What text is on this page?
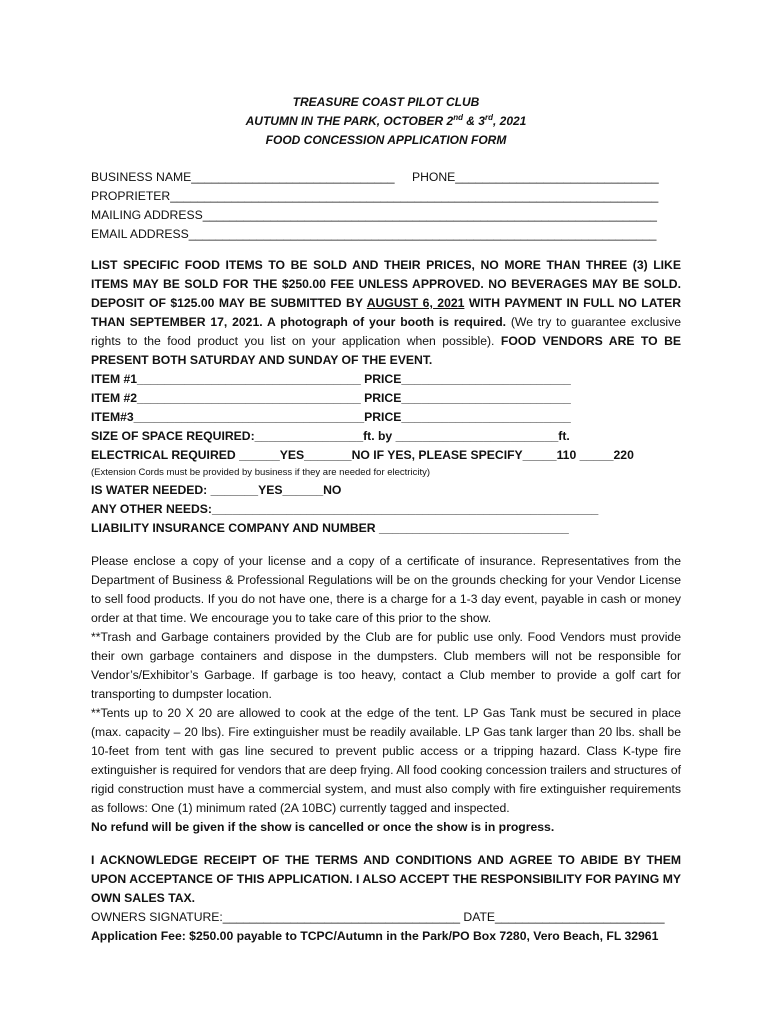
TREASURE COAST PILOT CLUB
AUTUMN IN THE PARK, OCTOBER 2nd & 3rd, 2021
FOOD CONCESSION APPLICATION FORM
BUSINESS NAME______________________________ PHONE______________________________
PROPRIETER________________________________________________________________________
MAILING ADDRESS___________________________________________________________________
EMAIL ADDRESS_____________________________________________________________________
LIST SPECIFIC FOOD ITEMS TO BE SOLD AND THEIR PRICES, NO MORE THAN THREE (3) LIKE ITEMS MAY BE SOLD FOR THE $250.00 FEE UNLESS APPROVED. NO BEVERAGES MAY BE SOLD. DEPOSIT OF $125.00 MAY BE SUBMITTED BY AUGUST 6, 2021 WITH PAYMENT IN FULL NO LATER THAN SEPTEMBER 17, 2021. A photograph of your booth is required. (We try to guarantee exclusive rights to the food product you list on your application when possible). FOOD VENDORS ARE TO BE PRESENT BOTH SATURDAY AND SUNDAY OF THE EVENT.
ITEM #1_________________________________ PRICE_________________________
ITEM #2_________________________________ PRICE_________________________
ITEM#3__________________________________PRICE_________________________
SIZE OF SPACE REQUIRED:________________ft. by ________________________ft.
ELECTRICAL REQUIRED ______YES_______NO IF YES, PLEASE SPECIFY_____110 _____220
(Extension Cords must be provided by business if they are needed for electricity)
IS WATER NEEDED: _______YES______NO
ANY OTHER NEEDS:_________________________________________________________
LIABILITY INSURANCE COMPANY AND NUMBER ____________________________
Please enclose a copy of your license and a copy of a certificate of insurance. Representatives from the Department of Business & Professional Regulations will be on the grounds checking for your Vendor License to sell food products. If you do not have one, there is a charge for a 1-3 day event, payable in cash or money order at that time. We encourage you to take care of this prior to the show.
**Trash and Garbage containers provided by the Club are for public use only. Food Vendors must provide their own garbage containers and dispose in the dumpsters. Club members will not be responsible for Vendor’s/Exhibitor’s Garbage. If garbage is too heavy, contact a Club member to provide a golf cart for transporting to dumpster location.
**Tents up to 20 X 20 are allowed to cook at the edge of the tent. LP Gas Tank must be secured in place (max. capacity – 20 lbs). Fire extinguisher must be readily available. LP Gas tank larger than 20 lbs. shall be 10-feet from tent with gas line secured to prevent public access or a tripping hazard. Class K-type fire extinguisher is required for vendors that are deep frying. All food cooking concession trailers and structures of rigid construction must have a commercial system, and must also comply with fire extinguisher requirements as follows: One (1) minimum rated (2A 10BC) currently tagged and inspected.
No refund will be given if the show is cancelled or once the show is in progress.
I ACKNOWLEDGE RECEIPT OF THE TERMS AND CONDITIONS AND AGREE TO ABIDE BY THEM UPON ACCEPTANCE OF THIS APPLICATION. I ALSO ACCEPT THE RESPONSIBILITY FOR PAYING MY OWN SALES TAX.
OWNERS SIGNATURE:___________________________________ DATE_________________________
Application Fee: $250.00 payable to TCPC/Autumn in the Park/PO Box 7280, Vero Beach, FL 32961
